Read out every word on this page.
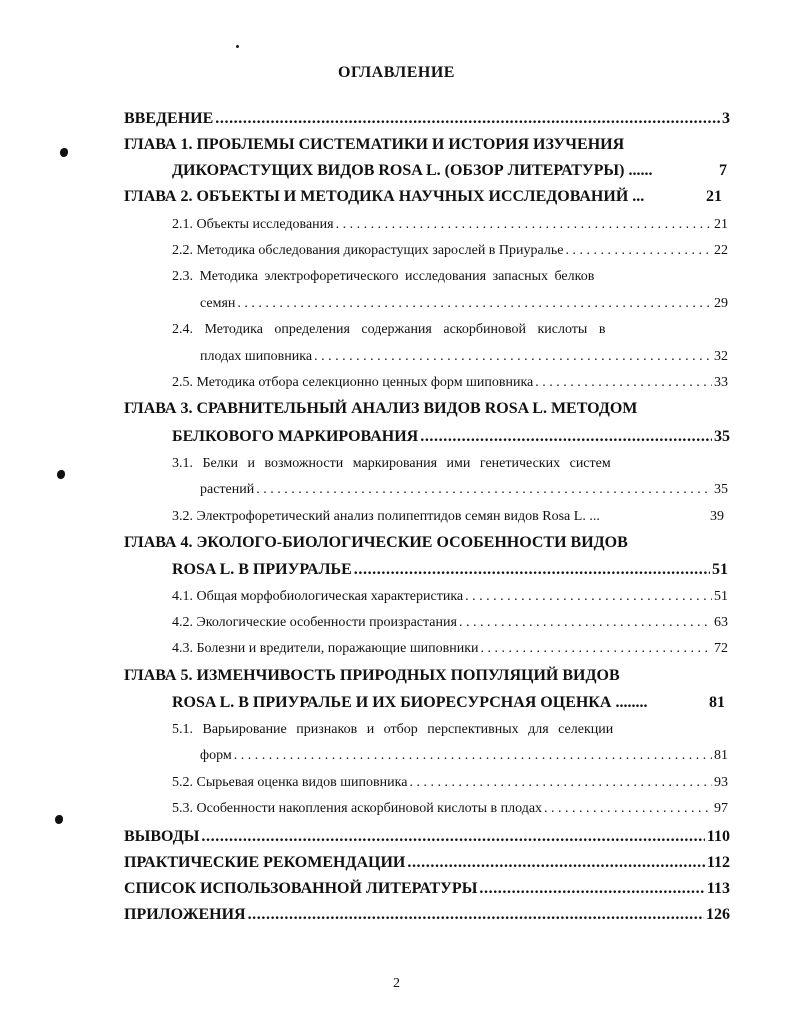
ОГЛАВЛЕНИЕ
ВВЕДЕНИЕ .....	3
ГЛАВА 1. ПРОБЛЕМЫ СИСТЕМАТИКИ И ИСТОРИЯ ИЗУЧЕНИЯ
ДИКОРАСТУЩИХ ВИДОВ ROSA L. (ОБЗОР ЛИТЕРАТУРЫ) ......	7
ГЛАВА 2. ОБЪЕКТЫ И МЕТОДИКА НАУЧНЫХ ИССЛЕДОВАНИЙ ...	21
2.1. Объекты исследования . . .	21
2.2. Методика обследования дикорастущих зарослей в Приуралье . . .	22
2.3. Методика электрофоретического исследования запасных белков
семян . . .	29
2.4. Методика определения содержания аскорбиновой кислоты в
плодах шиповника . . .	32
2.5. Методика отбора селекционно ценных форм шиповника . . .	33
ГЛАВА 3. СРАВНИТЕЛЬНЫЙ АНАЛИЗ ВИДОВ ROSA L. МЕТОДОМ
БЕЛКОВОГО МАРКИРОВАНИЯ .....	35
3.1. Белки и возможности маркирования ими генетических систем
растений . . .	35
3.2. Электрофоретический анализ полипептидов семян видов Rosa L. ...	39
ГЛАВА 4. ЭКОЛОГО-БИОЛОГИЧЕСКИЕ ОСОБЕННОСТИ ВИДОВ
ROSA L. В ПРИУРАЛЬЕ .....	51
4.1. Общая морфобиологическая характеристика . . .	51
4.2. Экологические особенности произрастания . . .	63
4.3. Болезни и вредители, поражающие шиповники . . .	72
ГЛАВА 5. ИЗМЕНЧИВОСТЬ ПРИРОДНЫХ ПОПУЛЯЦИЙ ВИДОВ
ROSA L. В ПРИУРАЛЬЕ И ИХ БИОРЕСУРСНАЯ ОЦЕНКА ........	81
5.1. Варьирование признаков и отбор перспективных для селекции
форм . . .	81
5.2. Сырьевая оценка видов шиповника . . .	93
5.3. Особенности накопления аскорбиновой кислоты в плодах . . .	97
ВЫВОДЫ .....	110
ПРАКТИЧЕСКИЕ РЕКОМЕНДАЦИИ .....	112
СПИСОК ИСПОЛЬЗОВАННОЙ ЛИТЕРАТУРЫ .....	113
ПРИЛОЖЕНИЯ .....	126
2
